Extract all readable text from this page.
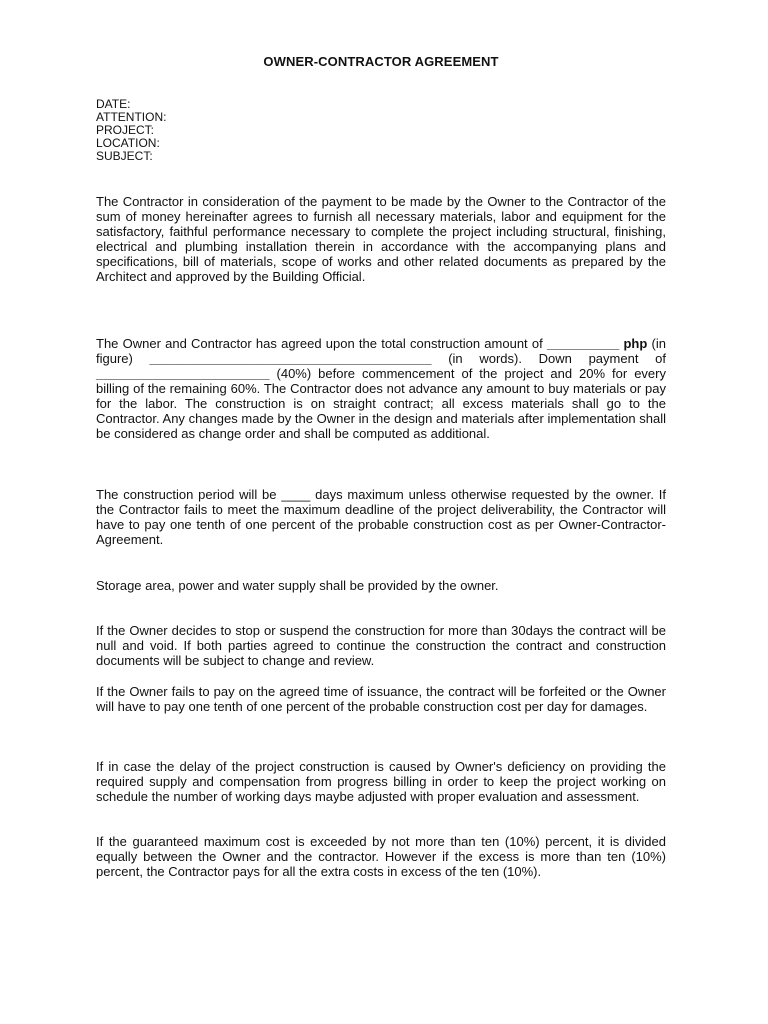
OWNER-CONTRACTOR AGREEMENT
DATE:
ATTENTION:
PROJECT:
LOCATION:
SUBJECT:
The Contractor in consideration of the payment to be made by the Owner to the Contractor of the sum of money hereinafter agrees to furnish all necessary materials, labor and equipment for the satisfactory, faithful performance necessary to complete the project including structural, finishing, electrical and plumbing installation therein in accordance with the accompanying plans and specifications, bill of materials, scope of works and other related documents as prepared by the Architect and approved by the Building Official.
The Owner and Contractor has agreed upon the total construction amount of __________ php (in figure) _______________________________________ (in words). Down payment of ________________________ (40%) before commencement of the project and 20% for every billing of the remaining 60%. The Contractor does not advance any amount to buy materials or pay for the labor. The construction is on straight contract; all excess materials shall go to the Contractor. Any changes made by the Owner in the design and materials after implementation shall be considered as change order and shall be computed as additional.
The construction period will be ____ days maximum unless otherwise requested by the owner. If the Contractor fails to meet the maximum deadline of the project deliverability, the Contractor will have to pay one tenth of one percent of the probable construction cost as per Owner-Contractor-Agreement.
Storage area, power and water supply shall be provided by the owner.
If the Owner decides to stop or suspend the construction for more than 30days the contract will be null and void. If both parties agreed to continue the construction the contract and construction documents will be subject to change and review.
If the Owner fails to pay on the agreed time of issuance, the contract will be forfeited or the Owner will have to pay one tenth of one percent of the probable construction cost per day for damages.
If in case the delay of the project construction is caused by Owner's deficiency on providing the required supply and compensation from progress billing in order to keep the project working on schedule the number of working days maybe adjusted with proper evaluation and assessment.
If the guaranteed maximum cost is exceeded by not more than ten (10%) percent, it is divided equally between the Owner and the contractor. However if the excess is more than ten (10%) percent, the Contractor pays for all the extra costs in excess of the ten (10%).
